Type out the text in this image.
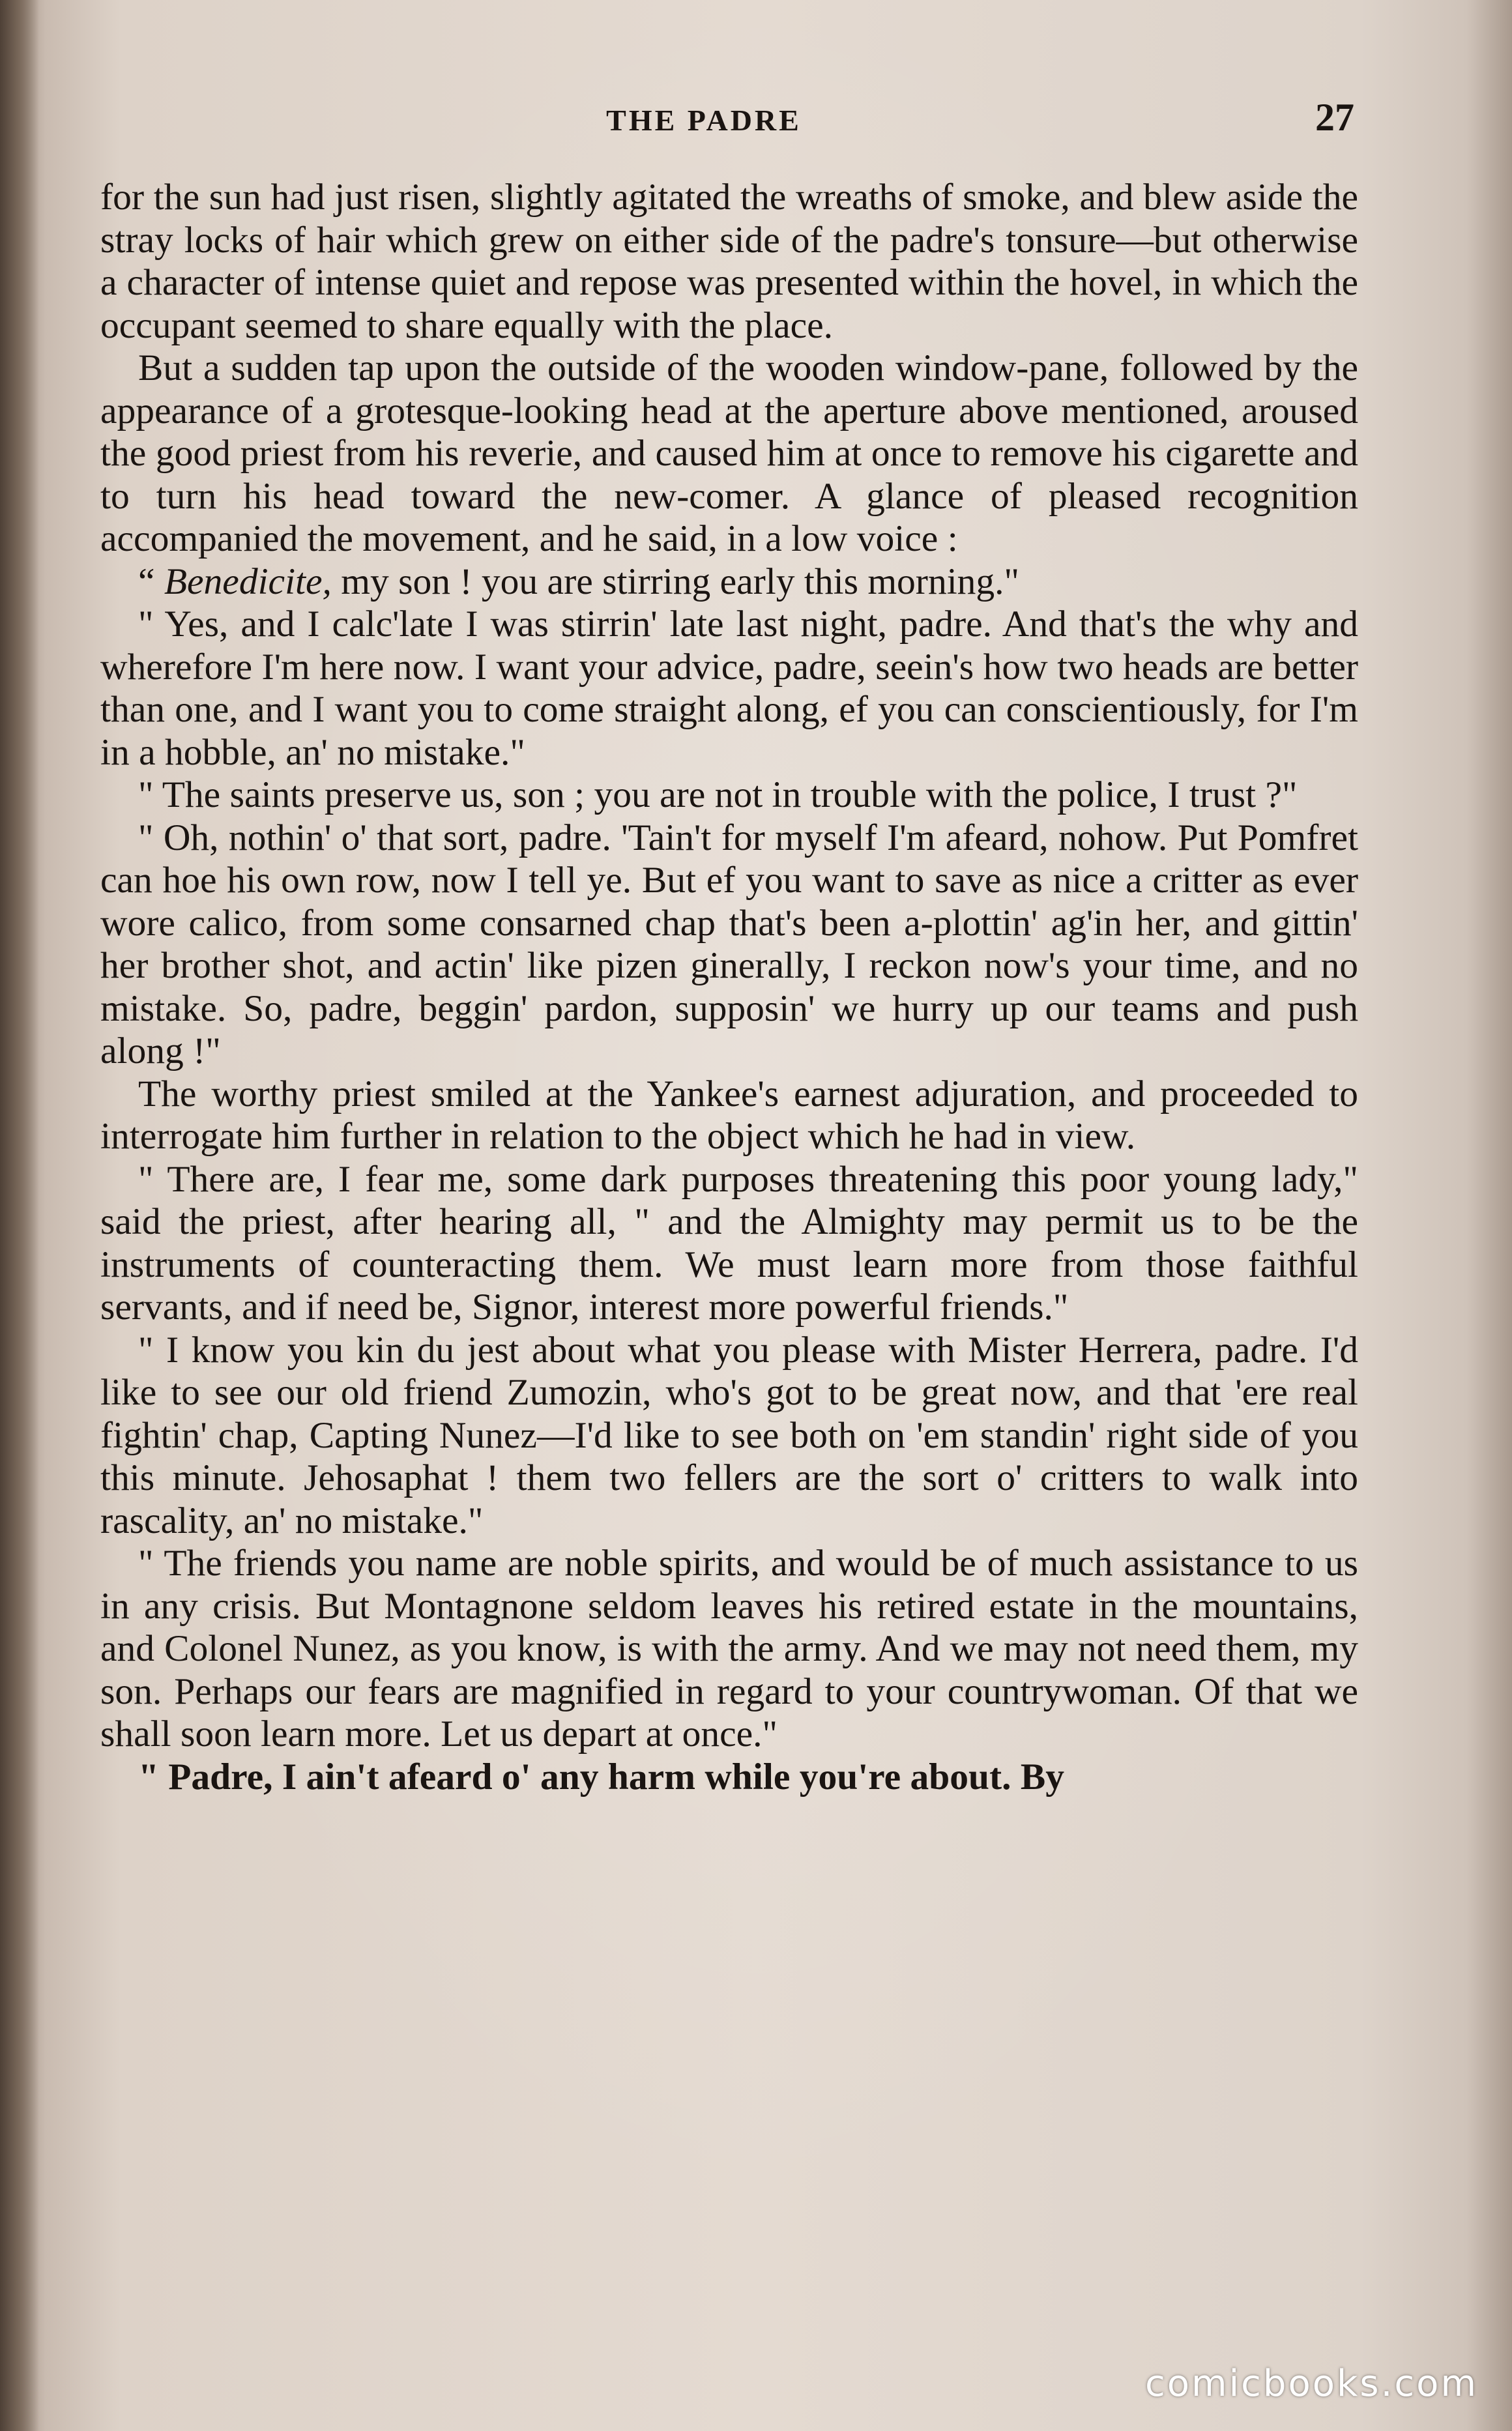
THE PADRE	27

for the sun had just risen, slightly agitated the wreaths of smoke, and blew aside the stray locks of hair which grew on either side of the padre's tonsure—but otherwise a character of intense quiet and repose was presented within the hovel, in which the occupant seemed to share equally with the place.

But a sudden tap upon the outside of the wooden window-pane, followed by the appearance of a grotesque-looking head at the aperture above mentioned, aroused the good priest from his reverie, and caused him at once to remove his cigarette and to turn his head toward the new-comer. A glance of pleased recognition accompanied the movement, and he said, in a low voice :

“ Benedicite, my son ! you are stirring early this morning."

" Yes, and I calc'late I was stirrin' late last night, padre. And that's the why and wherefore I'm here now. I want your advice, padre, seein's how two heads are better than one, and I want you to come straight along, ef you can conscientiously, for I'm in a hobble, an' no mistake."

" The saints preserve us, son ; you are not in trouble with the police, I trust ?"

" Oh, nothin' o' that sort, padre. 'Tain't for myself I'm afeard, nohow. Put Pomfret can hoe his own row, now I tell ye. But ef you want to save as nice a critter as ever wore calico, from some consarned chap that's been a-plottin' ag'in her, and gittin' her brother shot, and actin' like pizen ginerally, I reckon now's your time, and no mistake. So, padre, beggin' pardon, supposin' we hurry up our teams and push along !"

The worthy priest smiled at the Yankee's earnest adjuration, and proceeded to interrogate him further in relation to the object which he had in view.

" There are, I fear me, some dark purposes threatening this poor young lady," said the priest, after hearing all, " and the Almighty may permit us to be the instruments of counteracting them. We must learn more from those faithful servants, and if need be, Signor, interest more powerful friends."

" I know you kin du jest about what you please with Mister Herrera, padre. I'd like to see our old friend Zumozin, who's got to be great now, and that 'ere real fightin' chap, Capting Nunez—I'd like to see both on 'em standin' right side of you this minute. Jehosaphat ! them two fellers are the sort o' critters to walk into rascality, an' no mistake."

" The friends you name are noble spirits, and would be of much assistance to us in any crisis. But Montagnone seldom leaves his retired estate in the mountains, and Colonel Nunez, as you know, is with the army. And we may not need them, my son. Perhaps our fears are magnified in regard to your countrywoman. Of that we shall soon learn more. Let us depart at once."

" Padre, I ain't afeard o' any harm while you're about. By

comicbooks.com
